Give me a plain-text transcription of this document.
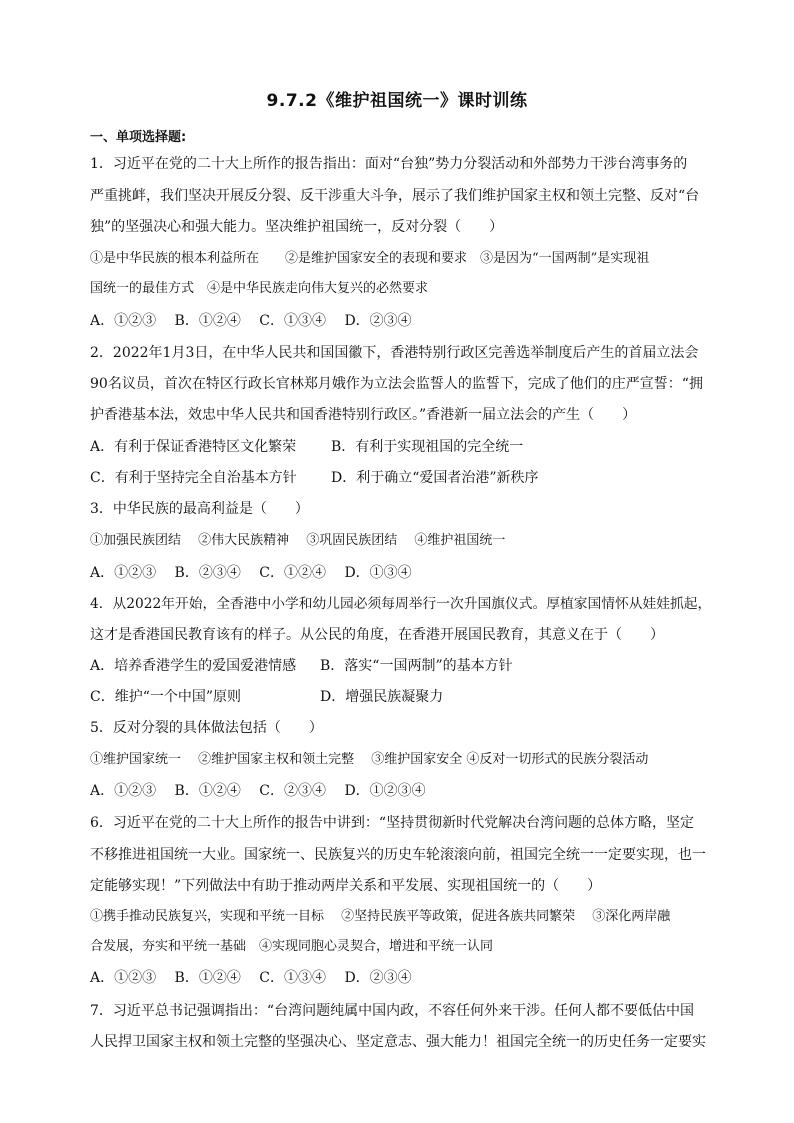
9.7.2《维护祖国统一》课时训练
一、单项选择题:
1．习近平在党的二十大上所作的报告指出：面对“台独”势力分裂活动和外部势力干涉台湾事务的
严重挑衅，我们坚决开展反分裂、反干涉重大斗争，展示了我们维护国家主权和领土完整、反对“台
独”的坚强决心和强大能力。坚决维护祖国统一，反对分裂（　　）
①是中华民族的根本利益所在　　②是维护国家安全的表现和要求　③是因为“一国两制”是实现祖
国统一的最佳方式　④是中华民族走向伟大复兴的必然要求
A．①②③　 B．①②④　 C．①③④　 D．②③④
2．2022年1月3日，在中华人民共和国国徽下，香港特别行政区完善选举制度后产生的首届立法会
90名议员，首次在特区行政长官林郑月娥作为立法会监誓人的监誓下，完成了他们的庄严宣誓：“拥
护香港基本法，效忠中华人民共和国香港特别行政区。”香港新一届立法会的产生（　　）
A．有利于保证香港特区文化繁荣 B．有利于实现祖国的完全统一
C．有利于坚持完全自治基本方针 D．利于确立“爱国者治港”新秩序
3．中华民族的最高利益是（　　）
①加强民族团结　 ②伟大民族精神　 ③巩固民族团结　 ④维护祖国统一
A．①②③　 B．②③④　 C．①②④　 D．①③④
4．从2022年开始，全香港中小学和幼儿园必须每周举行一次升国旗仪式。厚植家国情怀从娃娃抓起，
这才是香港国民教育该有的样子。从公民的角度，在香港开展国民教育，其意义在于（　　）
A．培养香港学生的爱国爱港情感 B．落实“一国两制”的基本方针
C．维护“一个中国”原则	D．增强民族凝聚力
5．反对分裂的具体做法包括（　　）
①维护国家统一　 ②维护国家主权和领土完整　 ③维护国家安全 ④反对一切形式的民族分裂活动
A．①②③　 B．①②④　 C．②③④　 D．①②③④
6．习近平在党的二十大上所作的报告中讲到：“坚持贯彻新时代党解决台湾问题的总体方略，坚定
不移推进祖国统一大业。国家统一、民族复兴的历史车轮滚滚向前，祖国完全统一一定要实现，也一
定能够实现！”下列做法中有助于推动两岸关系和平发展、实现祖国统一的（　　）
①携手推动民族复兴，实现和平统一目标　 ②坚持民族平等政策，促进各族共同繁荣　 ③深化两岸融
合发展，夯实和平统一基础　④实现同胞心灵契合，增进和平统一认同
A．①②③　 B．①②④　 C．①③④　 D．②③④
7．习近平总书记强调指出：“台湾问题纯属中国内政，不容任何外来干涉。任何人都不要低估中国
人民捍卫国家主权和领土完整的坚强决心、坚定意志、强大能力！祖国完全统一的历史任务一定要实
